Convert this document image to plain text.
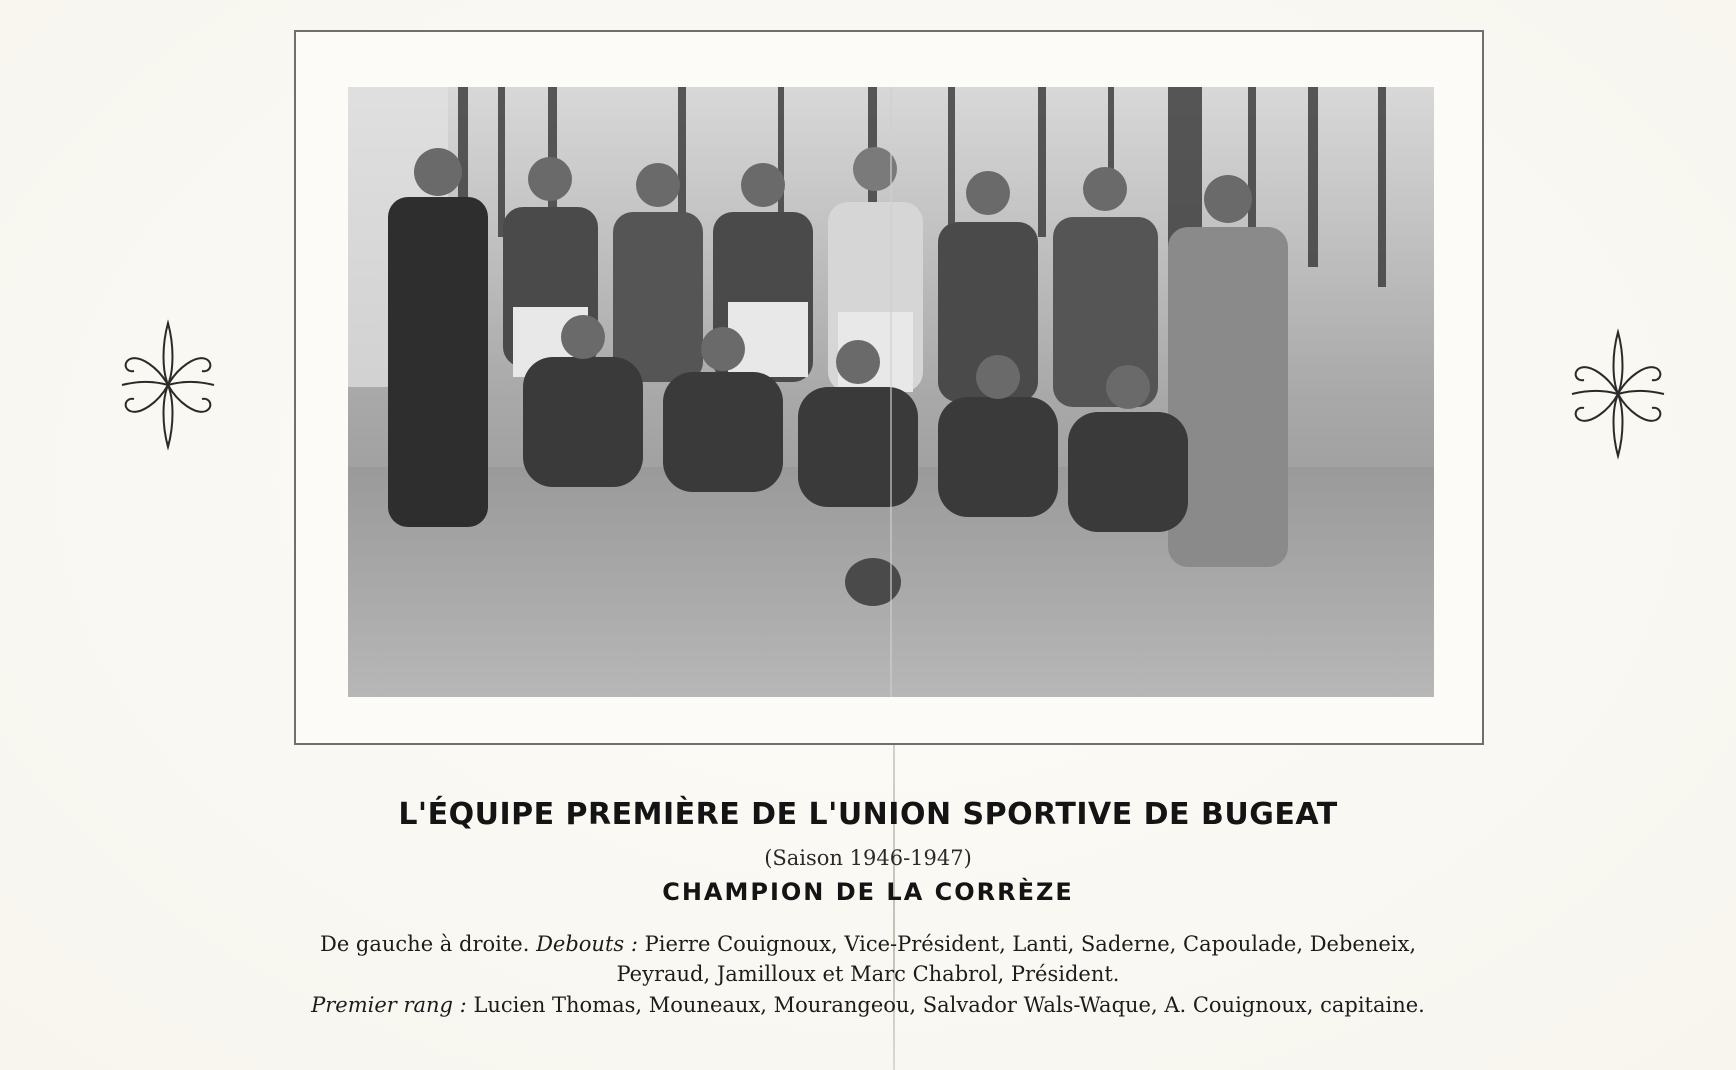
L'ÉQUIPE PREMIÈRE DE L'UNION SPORTIVE DE BUGEAT
(Saison 1946-1947)
CHAMPION DE LA CORRÈZE
De gauche à droite. Debouts : Pierre Couignoux, Vice-Président, Lanti, Saderne, Capoulade, Debeneix,
Peyraud, Jamilloux et Marc Chabrol, Président.
Premier rang : Lucien Thomas, Mouneaux, Mourangeou, Salvador Wals-Waque, A. Couignoux, capitaine.
